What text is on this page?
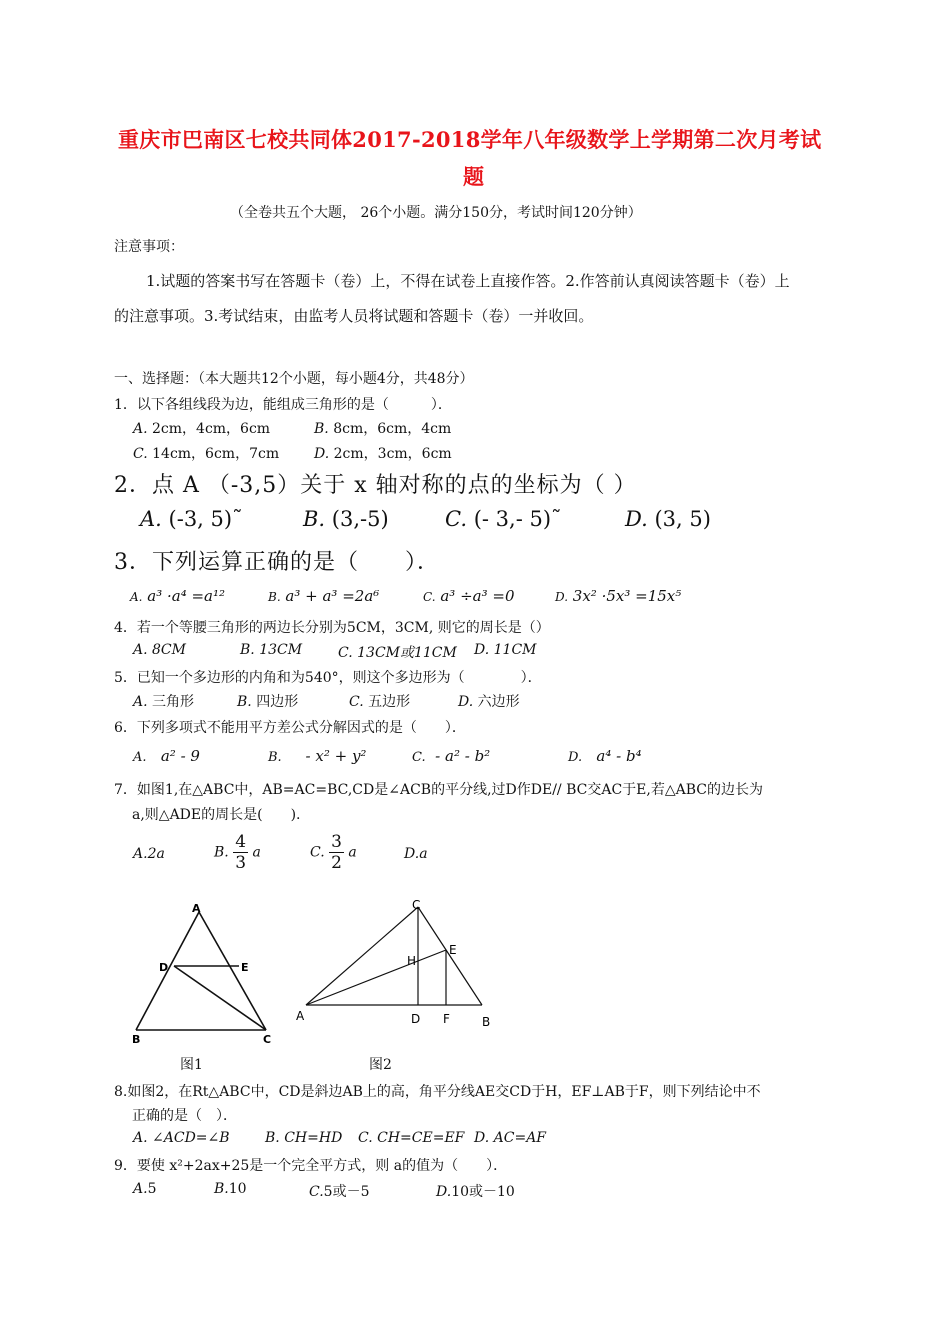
重庆市巴南区七校共同体2017-2018学年八年级数学上学期第二次月考试
题
（全卷共五个大题， 26个小题。满分150分，考试时间120分钟）
注意事项：
1.试题的答案书写在答题卡（卷）上，不得在试卷上直接作答。2.作答前认真阅读答题卡（卷）上
的注意事项。3.考试结束，由监考人员将试题和答题卡（卷）一并收回。
一、选择题：（本大题共12个小题，每小题4分，共48分）
1．以下各组线段为边，能组成三角形的是（　　　）．
A. 2cm，4cm，6cm	B. 8cm，6cm，4cm
C. 14cm，6cm，7cm D. 2cm，3cm，6cm
2．点 A （-3,5）关于 x 轴对称的点的坐标为（ ）
A. (-3, 5)˜	B. (3,-5)	C. (- 3,- 5)˜	D. (3, 5)
3．下列运算正确的是（　　）．
A. a³ ·a⁴ =a¹²	B. a³ + a³ =2a⁶	C. a³ ÷a³ =0	D. 3x² ·5x³ =15x⁵
4．若一个等腰三角形的两边长分别为5CM，3CM, 则它的周长是（）
A. 8CM	B. 13CM	C. 13CM或11CM D. 11CM
5．已知一个多边形的内角和为540°，则这个多边形为（　　　　）．
A. 三角形	B. 四边形	C. 五边形	D. 六边形
6．下列多项式不能用平方差公式分解因式的是（　　）．
A. a² - 9	B. - x² + y²	C. - a² - b²	D. a⁴ - b⁴
7．如图1,在△ABC中，AB=AC=BC,CD是∠ACB的平分线,过D作DE// BC交AC于E,若△ABC的边长为
a,则△ADE的周长是(　　).
A.2a	B. $\frac{4}{3}$ a	C. $\frac{3}{2}$ a	D.a
A
D	E
B	C
图1
C
E
H
A	D F	B
图2
8.如图2，在Rt△ABC中，CD是斜边AB上的高，角平分线AE交CD于H，EF⊥AB于F，则下列结论中不
正确的是（　）．
A. ∠ACD=∠B	B. CH=HD C. CH=CE=EF D. AC=AF
9．要使 x²+2ax+25是一个完全平方式，则 a的值为（　　）．
A.5	B.10	C.5或－5	D.10或－10
